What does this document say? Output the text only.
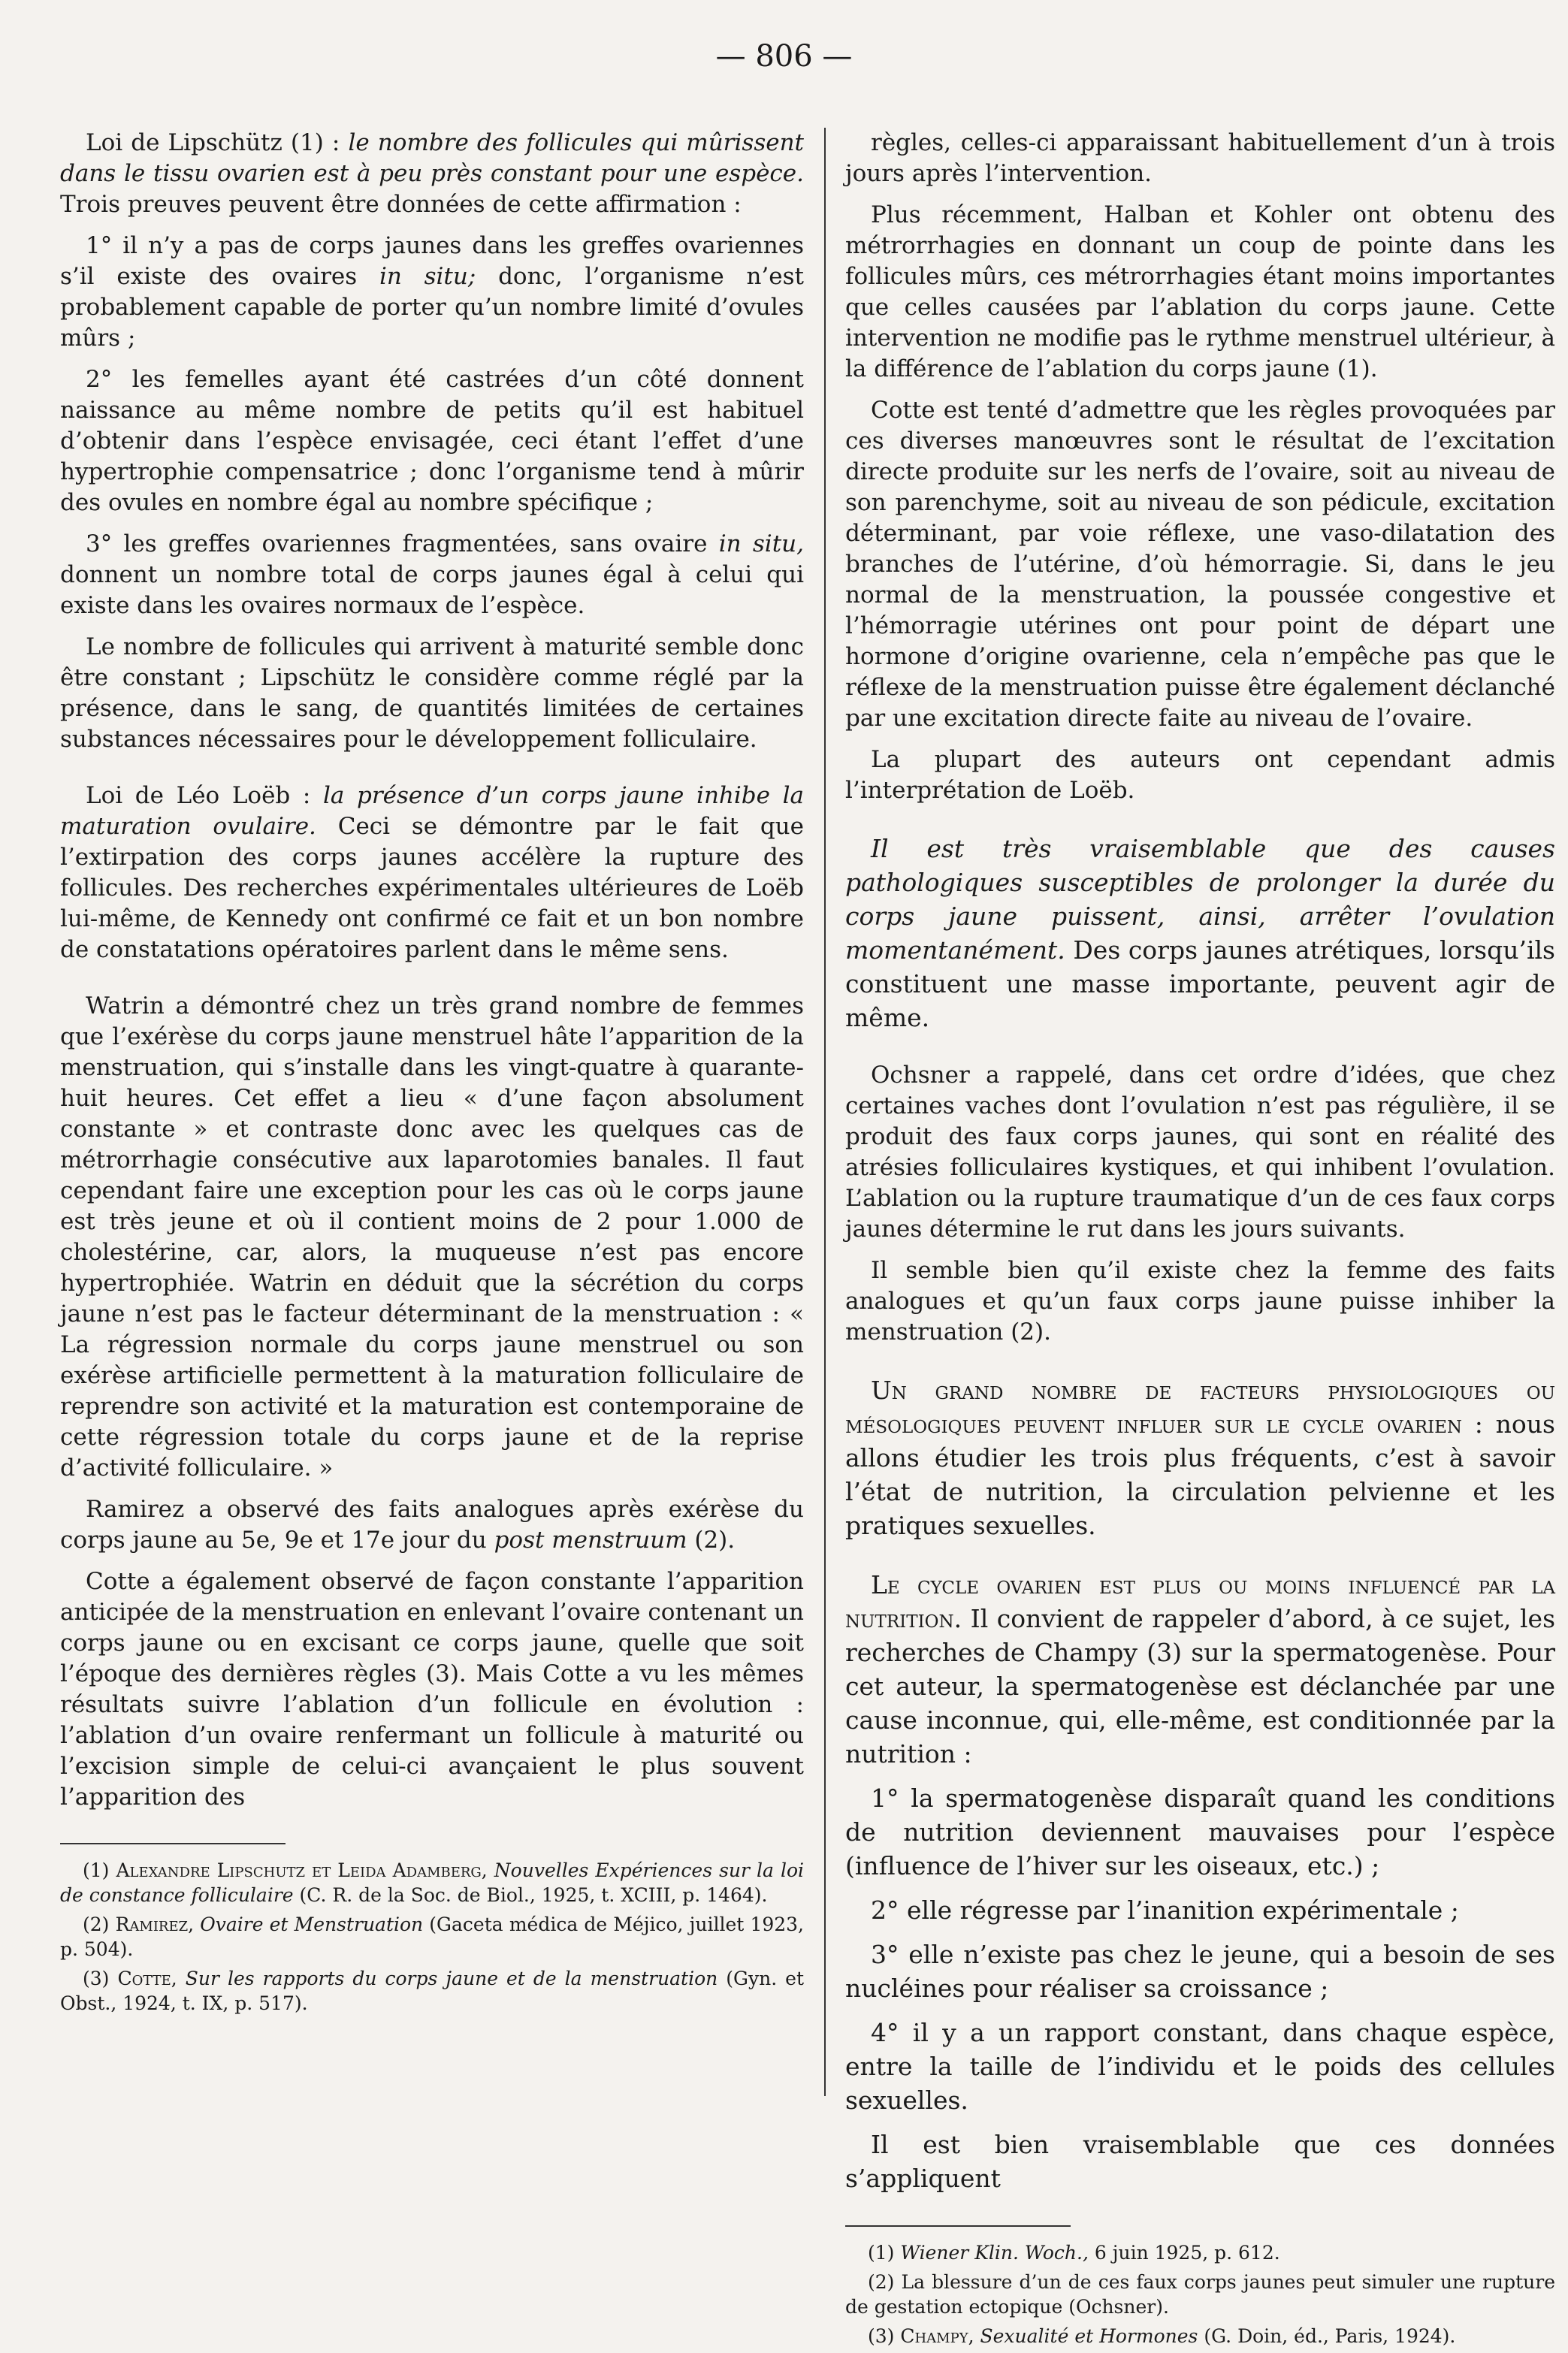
— 806 —

Loi de Lipschütz (1) : le nombre des follicules qui mûrissent dans le tissu ovarien est à peu près constant pour une espèce. Trois preuves peuvent être données de cette affirmation :

1° il n’y a pas de corps jaunes dans les greffes ovariennes s’il existe des ovaires in situ; donc, l’organisme n’est probablement capable de porter qu’un nombre limité d’ovules mûrs ;

2° les femelles ayant été castrées d’un côté donnent naissance au même nombre de petits qu’il est habituel d’obtenir dans l’espèce envisagée, ceci étant l’effet d’une hypertrophie compensatrice ; donc l’organisme tend à mûrir des ovules en nombre égal au nombre spécifique ;

3° les greffes ovariennes fragmentées, sans ovaire in situ, donnent un nombre total de corps jaunes égal à celui qui existe dans les ovaires normaux de l’espèce.

Le nombre de follicules qui arrivent à maturité semble donc être constant ; Lipschütz le considère comme réglé par la présence, dans le sang, de quantités limitées de certaines substances nécessaires pour le développement folliculaire.

Loi de Léo Loëb : la présence d’un corps jaune inhibe la maturation ovulaire. Ceci se démontre par le fait que l’extirpation des corps jaunes accélère la rupture des follicules. Des recherches expérimentales ultérieures de Loëb lui-même, de Kennedy ont confirmé ce fait et un bon nombre de constatations opératoires parlent dans le même sens.

Watrin a démontré chez un très grand nombre de femmes que l’exérèse du corps jaune menstruel hâte l’apparition de la menstruation, qui s’installe dans les vingt-quatre à quarante-huit heures. Cet effet a lieu « d’une façon absolument constante » et contraste donc avec les quelques cas de métrorrhagie consécutive aux laparotomies banales. Il faut cependant faire une exception pour les cas où le corps jaune est très jeune et où il contient moins de 2 pour 1.000 de cholestérine, car, alors, la muqueuse n’est pas encore hypertrophiée. Watrin en déduit que la sécrétion du corps jaune n’est pas le facteur déterminant de la menstruation : « La régression normale du corps jaune menstruel ou son exérèse artificielle permettent à la maturation folliculaire de reprendre son activité et la maturation est contemporaine de cette régression totale du corps jaune et de la reprise d’activité folliculaire. »

Ramirez a observé des faits analogues après exérèse du corps jaune au 5e, 9e et 17e jour du post menstruum (2).

Cotte a également observé de façon constante l’apparition anticipée de la menstruation en enlevant l’ovaire contenant un corps jaune ou en excisant ce corps jaune, quelle que soit l’époque des dernières règles (3). Mais Cotte a vu les mêmes résultats suivre l’ablation d’un follicule en évolution : l’ablation d’un ovaire renfermant un follicule à maturité ou l’excision simple de celui-ci avançaient le plus souvent l’apparition des

(1) Alexandre Lipschutz et Leida Adamberg, Nouvelles Expériences sur la loi de constance folliculaire (C. R. de la Soc. de Biol., 1925, t. XCIII, p. 1464).

(2) Ramirez, Ovaire et Menstruation (Gaceta médica de Méjico, juillet 1923, p. 504).

(3) Cotte, Sur les rapports du corps jaune et de la menstruation (Gyn. et Obst., 1924, t. IX, p. 517).

règles, celles-ci apparaissant habituellement d’un à trois jours après l’intervention.

Plus récemment, Halban et Kohler ont obtenu des métrorrhagies en donnant un coup de pointe dans les follicules mûrs, ces métrorrhagies étant moins importantes que celles causées par l’ablation du corps jaune. Cette intervention ne modifie pas le rythme menstruel ultérieur, à la différence de l’ablation du corps jaune (1).

Cotte est tenté d’admettre que les règles provoquées par ces diverses manœuvres sont le résultat de l’excitation directe produite sur les nerfs de l’ovaire, soit au niveau de son parenchyme, soit au niveau de son pédicule, excitation déterminant, par voie réflexe, une vaso-dilatation des branches de l’utérine, d’où hémorragie. Si, dans le jeu normal de la menstruation, la poussée congestive et l’hémorragie utérines ont pour point de départ une hormone d’origine ovarienne, cela n’empêche pas que le réflexe de la menstruation puisse être également déclanché par une excitation directe faite au niveau de l’ovaire.

La plupart des auteurs ont cependant admis l’interprétation de Loëb.

Il est très vraisemblable que des causes pathologiques susceptibles de prolonger la durée du corps jaune puissent, ainsi, arrêter l’ovulation momentanément. Des corps jaunes atrétiques, lorsqu’ils constituent une masse importante, peuvent agir de même.

Ochsner a rappelé, dans cet ordre d’idées, que chez certaines vaches dont l’ovulation n’est pas régulière, il se produit des faux corps jaunes, qui sont en réalité des atrésies folliculaires kystiques, et qui inhibent l’ovulation. L’ablation ou la rupture traumatique d’un de ces faux corps jaunes détermine le rut dans les jours suivants.

Il semble bien qu’il existe chez la femme des faits analogues et qu’un faux corps jaune puisse inhiber la menstruation (2).

Un grand nombre de facteurs physiologiques ou mésologiques peuvent influer sur le cycle ovarien : nous allons étudier les trois plus fréquents, c’est à savoir l’état de nutrition, la circulation pelvienne et les pratiques sexuelles.

Le cycle ovarien est plus ou moins influencé par la nutrition. Il convient de rappeler d’abord, à ce sujet, les recherches de Champy (3) sur la spermatogenèse. Pour cet auteur, la spermatogenèse est déclanchée par une cause inconnue, qui, elle-même, est conditionnée par la nutrition :

1° la spermatogenèse disparaît quand les conditions de nutrition deviennent mauvaises pour l’espèce (influence de l’hiver sur les oiseaux, etc.) ;

2° elle régresse par l’inanition expérimentale ;

3° elle n’existe pas chez le jeune, qui a besoin de ses nucléines pour réaliser sa croissance ;

4° il y a un rapport constant, dans chaque espèce, entre la taille de l’individu et le poids des cellules sexuelles.

Il est bien vraisemblable que ces données s’appliquent

(1) Wiener Klin. Woch., 6 juin 1925, p. 612.

(2) La blessure d’un de ces faux corps jaunes peut simuler une rupture de gestation ectopique (Ochsner).

(3) Champy, Sexualité et Hormones (G. Doin, éd., Paris, 1924).
